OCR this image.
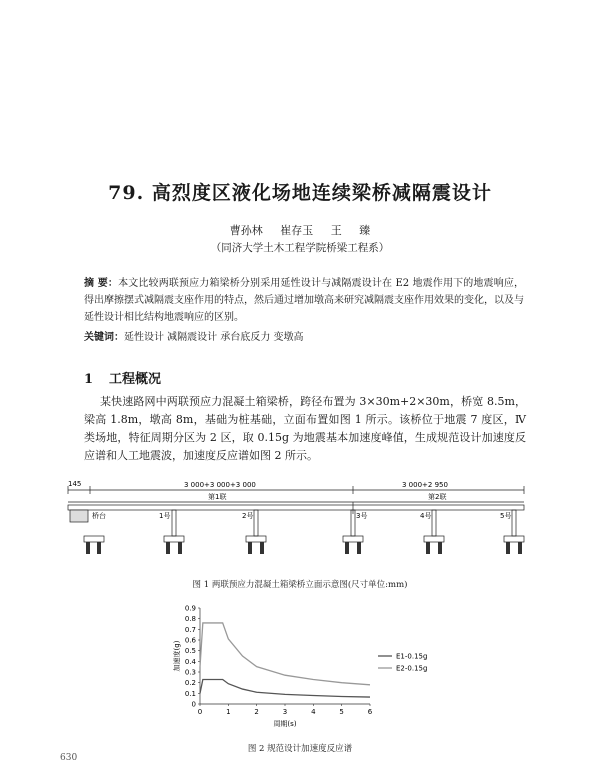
79. 高烈度区液化场地连续梁桥减隔震设计
曹孙林 崔存玉 王 臻
（同济大学土木工程学院桥梁工程系）
摘 要：本文比较两联预应力箱梁桥分别采用延性设计与减隔震设计在 E2 地震作用下的地震响应，得出摩擦摆式减隔震支座作用的特点，然后通过增加墩高来研究减隔震支座作用效果的变化，以及与延性设计相比结构地震响应的区别。
关键词：延性设计 减隔震设计 承台底反力 变墩高
1 工程概况
某快速路网中两联预应力混凝土箱梁桥，跨径布置为 3×30m+2×30m，桥宽 8.5m，梁高 1.8m，墩高 8m，基础为桩基础，立面布置如图 1 所示。该桥位于地震 7 度区，Ⅳ类场地，特征周期分区为 2 区，取 0.15g 为地震基本加速度峰值，生成规范设计加速度反应谱和人工地震波，加速度反应谱如图 2 所示。
145	3 000+3 000+3 000	3 000+2 950
第1联	第2联
桥台	1号	2号	3号	4号	5号
图 1 两联预应力混凝土箱梁桥立面示意图(尺寸单位:mm)
0
0.1
0.2
0.3
0.4
0.5
0.6
0.7
0.8
0.9
0	1	2	3	4	5	6
E1-0.15g
E2-0.15g
周期(s)
加速度(g)
图 2 规范设计加速度反应谱
630
